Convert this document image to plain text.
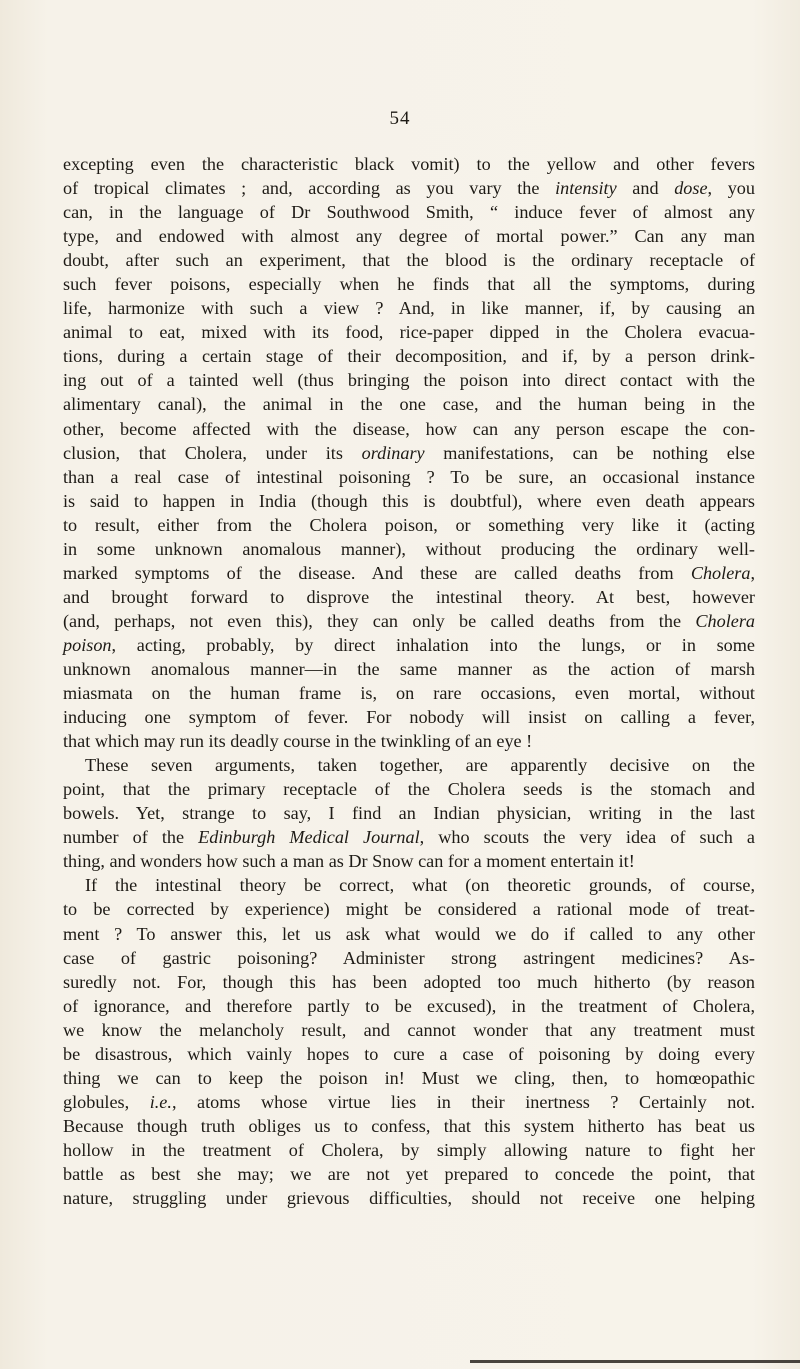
54
excepting even the characteristic black vomit) to the yellow and other fevers
of tropical climates ; and, according as you vary the intensity and dose, you
can, in the language of Dr Southwood Smith, “ induce fever of almost any
type, and endowed with almost any degree of mortal power.” Can any man
doubt, after such an experiment, that the blood is the ordinary receptacle of
such fever poisons, especially when he finds that all the symptoms, during
life, harmonize with such a view ? And, in like manner, if, by causing an
animal to eat, mixed with its food, rice-paper dipped in the Cholera evacua-
tions, during a certain stage of their decomposition, and if, by a person drink-
ing out of a tainted well (thus bringing the poison into direct contact with the
alimentary canal), the animal in the one case, and the human being in the
other, become affected with the disease, how can any person escape the con-
clusion, that Cholera, under its ordinary manifestations, can be nothing else
than a real case of intestinal poisoning ? To be sure, an occasional instance
is said to happen in India (though this is doubtful), where even death appears
to result, either from the Cholera poison, or something very like it (acting
in some unknown anomalous manner), without producing the ordinary well-
marked symptoms of the disease. And these are called deaths from Cholera,
and brought forward to disprove the intestinal theory. At best, however
(and, perhaps, not even this), they can only be called deaths from the Cholera
poison, acting, probably, by direct inhalation into the lungs, or in some
unknown anomalous manner—in the same manner as the action of marsh
miasmata on the human frame is, on rare occasions, even mortal, without
inducing one symptom of fever. For nobody will insist on calling a fever,
that which may run its deadly course in the twinkling of an eye !
These seven arguments, taken together, are apparently decisive on the
point, that the primary receptacle of the Cholera seeds is the stomach and
bowels. Yet, strange to say, I find an Indian physician, writing in the last
number of the Edinburgh Medical Journal, who scouts the very idea of such a
thing, and wonders how such a man as Dr Snow can for a moment entertain it!
If the intestinal theory be correct, what (on theoretic grounds, of course,
to be corrected by experience) might be considered a rational mode of treat-
ment ? To answer this, let us ask what would we do if called to any other
case of gastric poisoning? Administer strong astringent medicines? As-
suredly not. For, though this has been adopted too much hitherto (by reason
of ignorance, and therefore partly to be excused), in the treatment of Cholera,
we know the melancholy result, and cannot wonder that any treatment must
be disastrous, which vainly hopes to cure a case of poisoning by doing every
thing we can to keep the poison in! Must we cling, then, to homœopathic
globules, i.e., atoms whose virtue lies in their inertness ? Certainly not.
Because though truth obliges us to confess, that this system hitherto has beat us
hollow in the treatment of Cholera, by simply allowing nature to fight her
battle as best she may; we are not yet prepared to concede the point, that
nature, struggling under grievous difficulties, should not receive one helping
